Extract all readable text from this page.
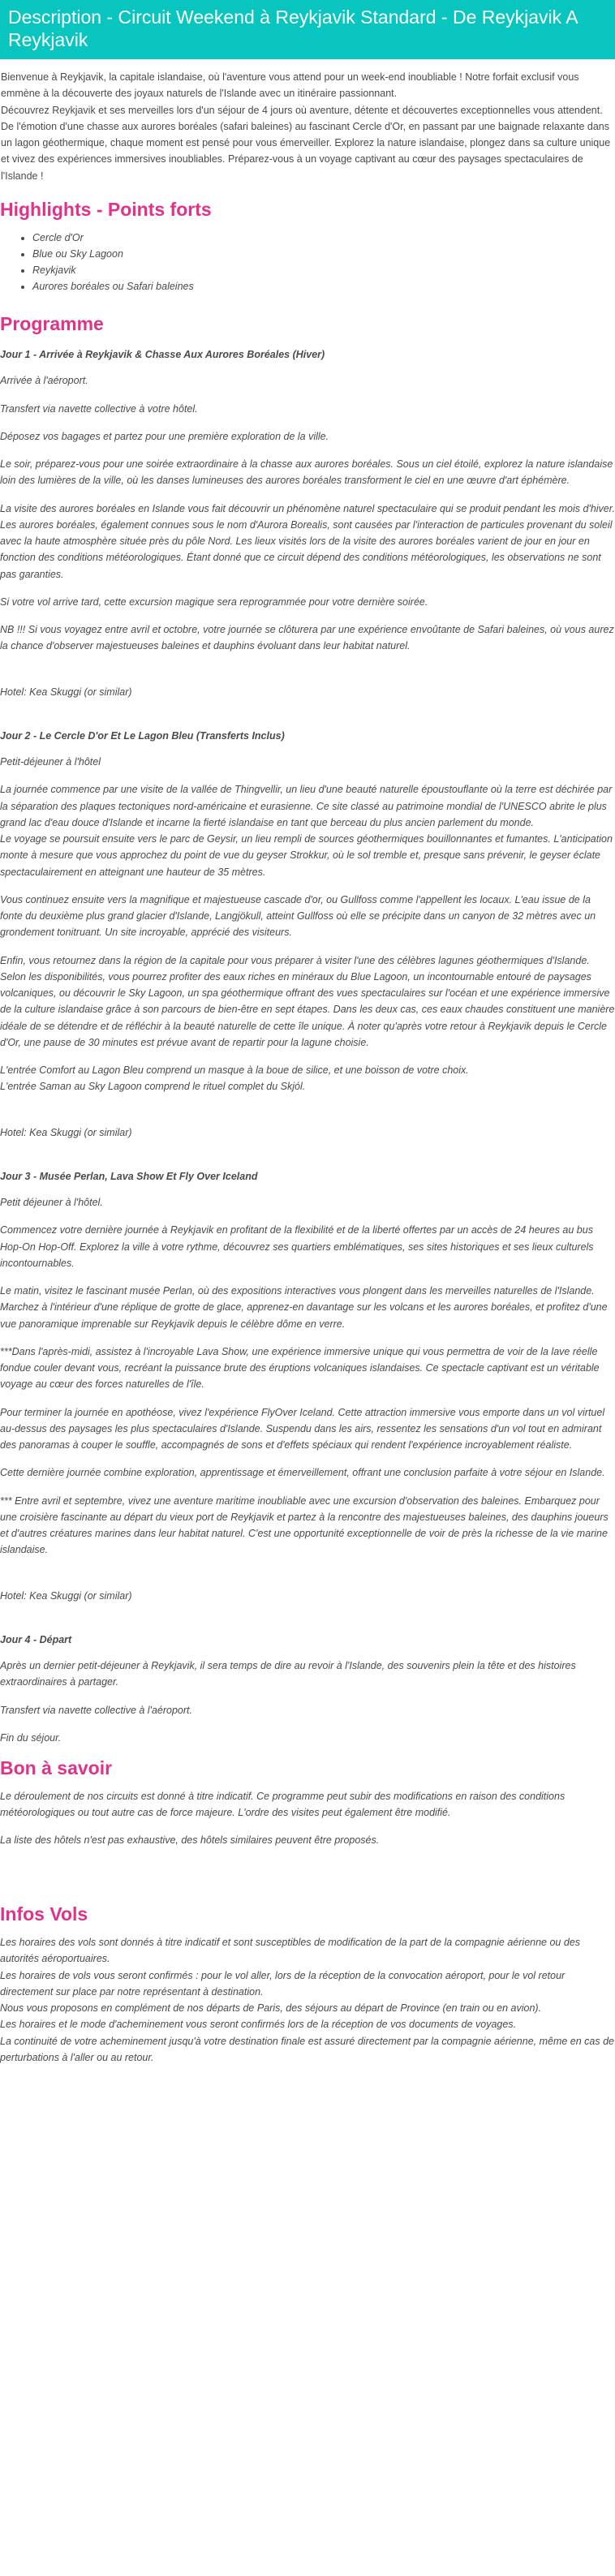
Description - Circuit Weekend à Reykjavik Standard - De Reykjavik A Reykjavik

Bienvenue à Reykjavik, la capitale islandaise, où l'aventure vous attend pour un week-end inoubliable ! Notre forfait exclusif vous emmène à la découverte des joyaux naturels de l'Islande avec un itinéraire passionnant.

Découvrez Reykjavik et ses merveilles lors d'un séjour de 4 jours où aventure, détente et découvertes exceptionnelles vous attendent. De l'émotion d'une chasse aux aurores boréales (safari baleines) au fascinant Cercle d'Or, en passant par une baignade relaxante dans un lagon géothermique, chaque moment est pensé pour vous émerveiller. Explorez la nature islandaise, plongez dans sa culture unique et vivez des expériences immersives inoubliables. Préparez-vous à un voyage captivant au cœur des paysages spectaculaires de l'Islande !

Highlights - Points forts
• Cercle d'Or
• Blue ou Sky Lagoon
• Reykjavik
• Aurores boréales ou Safari baleines
Programme
Jour 1 - Arrivée à Reykjavik & Chasse Aux Aurores Boréales (Hiver)

Arrivée à l'aéroport.

Transfert via navette collective à votre hôtel.

Déposez vos bagages et partez pour une première exploration de la ville.

Le soir, préparez-vous pour une soirée extraordinaire à la chasse aux aurores boréales. Sous un ciel étoilé, explorez la nature islandaise loin des lumières de la ville, où les danses lumineuses des aurores boréales transforment le ciel en une œuvre d'art éphémère.

La visite des aurores boréales en Islande vous fait découvrir un phénomène naturel spectaculaire qui se produit pendant les mois d'hiver. Les aurores boréales, également connues sous le nom d'Aurora Borealis, sont causées par l'interaction de particules provenant du soleil avec la haute atmosphère située près du pôle Nord. Les lieux visités lors de la visite des aurores boréales varient de jour en jour en fonction des conditions météorologiques. Étant donné que ce circuit dépend des conditions météorologiques, les observations ne sont pas garanties.

Si votre vol arrive tard, cette excursion magique sera reprogrammée pour votre dernière soirée.

NB !!! Si vous voyagez entre avril et octobre, votre journée se clôturera par une expérience envoûtante de Safari baleines, où vous aurez la chance d'observer majestueuses baleines et dauphins évoluant dans leur habitat naturel.

Hotel: Kea Skuggi (or similar)

Jour 2 - Le Cercle D'or Et Le Lagon Bleu (Transferts Inclus)

Petit-déjeuner à l'hôtel

La journée commence par une visite de la vallée de Thingvellir, un lieu d'une beauté naturelle époustouflante où la terre est déchirée par la séparation des plaques tectoniques nord-américaine et eurasienne. Ce site classé au patrimoine mondial de l'UNESCO abrite le plus grand lac d'eau douce d'Islande et incarne la fierté islandaise en tant que berceau du plus ancien parlement du monde.
Le voyage se poursuit ensuite vers le parc de Geysir, un lieu rempli de sources géothermiques bouillonnantes et fumantes. L'anticipation monte à mesure que vous approchez du point de vue du geyser Strokkur, où le sol tremble et, presque sans prévenir, le geyser éclate spectaculairement en atteignant une hauteur de 35 mètres.

Vous continuez ensuite vers la magnifique et majestueuse cascade d'or, ou Gullfoss comme l'appellent les locaux. L'eau issue de la fonte du deuxième plus grand glacier d'Islande, Langjökull, atteint Gullfoss où elle se précipite dans un canyon de 32 mètres avec un grondement tonitruant. Un site incroyable, apprécié des visiteurs.

Enfin, vous retournez dans la région de la capitale pour vous préparer à visiter l'une des célèbres lagunes géothermiques d'Islande. Selon les disponibilités, vous pourrez profiter des eaux riches en minéraux du Blue Lagoon, un incontournable entouré de paysages volcaniques, ou découvrir le Sky Lagoon, un spa géothermique offrant des vues spectaculaires sur l'océan et une expérience immersive de la culture islandaise grâce à son parcours de bien-être en sept étapes. Dans les deux cas, ces eaux chaudes constituent une manière idéale de se détendre et de réfléchir à la beauté naturelle de cette île unique. À noter qu'après votre retour à Reykjavik depuis le Cercle d'Or, une pause de 30 minutes est prévue avant de repartir pour la lagune choisie.

L'entrée Comfort au Lagon Bleu comprend un masque à la boue de silice, et une boisson de votre choix.
L'entrée Saman au Sky Lagoon comprend le rituel complet du Skjól.

Hotel: Kea Skuggi (or similar)

Jour 3 - Musée Perlan, Lava Show Et Fly Over Iceland

Petit déjeuner à l'hôtel.

Commencez votre dernière journée à Reykjavik en profitant de la flexibilité et de la liberté offertes par un accès de 24 heures au bus Hop-On Hop-Off. Explorez la ville à votre rythme, découvrez ses quartiers emblématiques, ses sites historiques et ses lieux culturels incontournables.

Le matin, visitez le fascinant musée Perlan, où des expositions interactives vous plongent dans les merveilles naturelles de l'Islande. Marchez à l'intérieur d'une réplique de grotte de glace, apprenez-en davantage sur les volcans et les aurores boréales, et profitez d'une vue panoramique imprenable sur Reykjavik depuis le célèbre dôme en verre.

***Dans l'après-midi, assistez à l'incroyable Lava Show, une expérience immersive unique qui vous permettra de voir de la lave réelle fondue couler devant vous, recréant la puissance brute des éruptions volcaniques islandaises. Ce spectacle captivant est un véritable voyage au cœur des forces naturelles de l'île.

Pour terminer la journée en apothéose, vivez l'expérience FlyOver Iceland. Cette attraction immersive vous emporte dans un vol virtuel au-dessus des paysages les plus spectaculaires d'Islande. Suspendu dans les airs, ressentez les sensations d'un vol tout en admirant des panoramas à couper le souffle, accompagnés de sons et d'effets spéciaux qui rendent l'expérience incroyablement réaliste.

Cette dernière journée combine exploration, apprentissage et émerveillement, offrant une conclusion parfaite à votre séjour en Islande.

*** Entre avril et septembre, vivez une aventure maritime inoubliable avec une excursion d'observation des baleines. Embarquez pour une croisière fascinante au départ du vieux port de Reykjavik et partez à la rencontre des majestueuses baleines, des dauphins joueurs et d'autres créatures marines dans leur habitat naturel. C'est une opportunité exceptionnelle de voir de près la richesse de la vie marine islandaise.

Hotel: Kea Skuggi (or similar)

Jour 4 - Départ

Après un dernier petit-déjeuner à Reykjavik, il sera temps de dire au revoir à l'Islande, des souvenirs plein la tête et des histoires extraordinaires à partager.

Transfert via navette collective à l'aéroport.

Fin du séjour.

Bon à savoir

Le déroulement de nos circuits est donné à titre indicatif. Ce programme peut subir des modifications en raison des conditions météorologiques ou tout autre cas de force majeure. L'ordre des visites peut également être modifié.

La liste des hôtels n'est pas exhaustive, des hôtels similaires peuvent être proposés.

Infos Vols

Les horaires des vols sont donnés à titre indicatif et sont susceptibles de modification de la part de la compagnie aérienne ou des autorités aéroportuaires.

Les horaires de vols vous seront confirmés : pour le vol aller, lors de la réception de la convocation aéroport, pour le vol retour directement sur place par notre représentant à destination.

Nous vous proposons en complément de nos départs de Paris, des séjours au départ de Province (en train ou en avion).

Les horaires et le mode d'acheminement vous seront confirmés lors de la réception de vos documents de voyages.

La continuité de votre acheminement jusqu'à votre destination finale est assuré directement par la compagnie aérienne, même en cas de perturbations à l'aller ou au retour.
